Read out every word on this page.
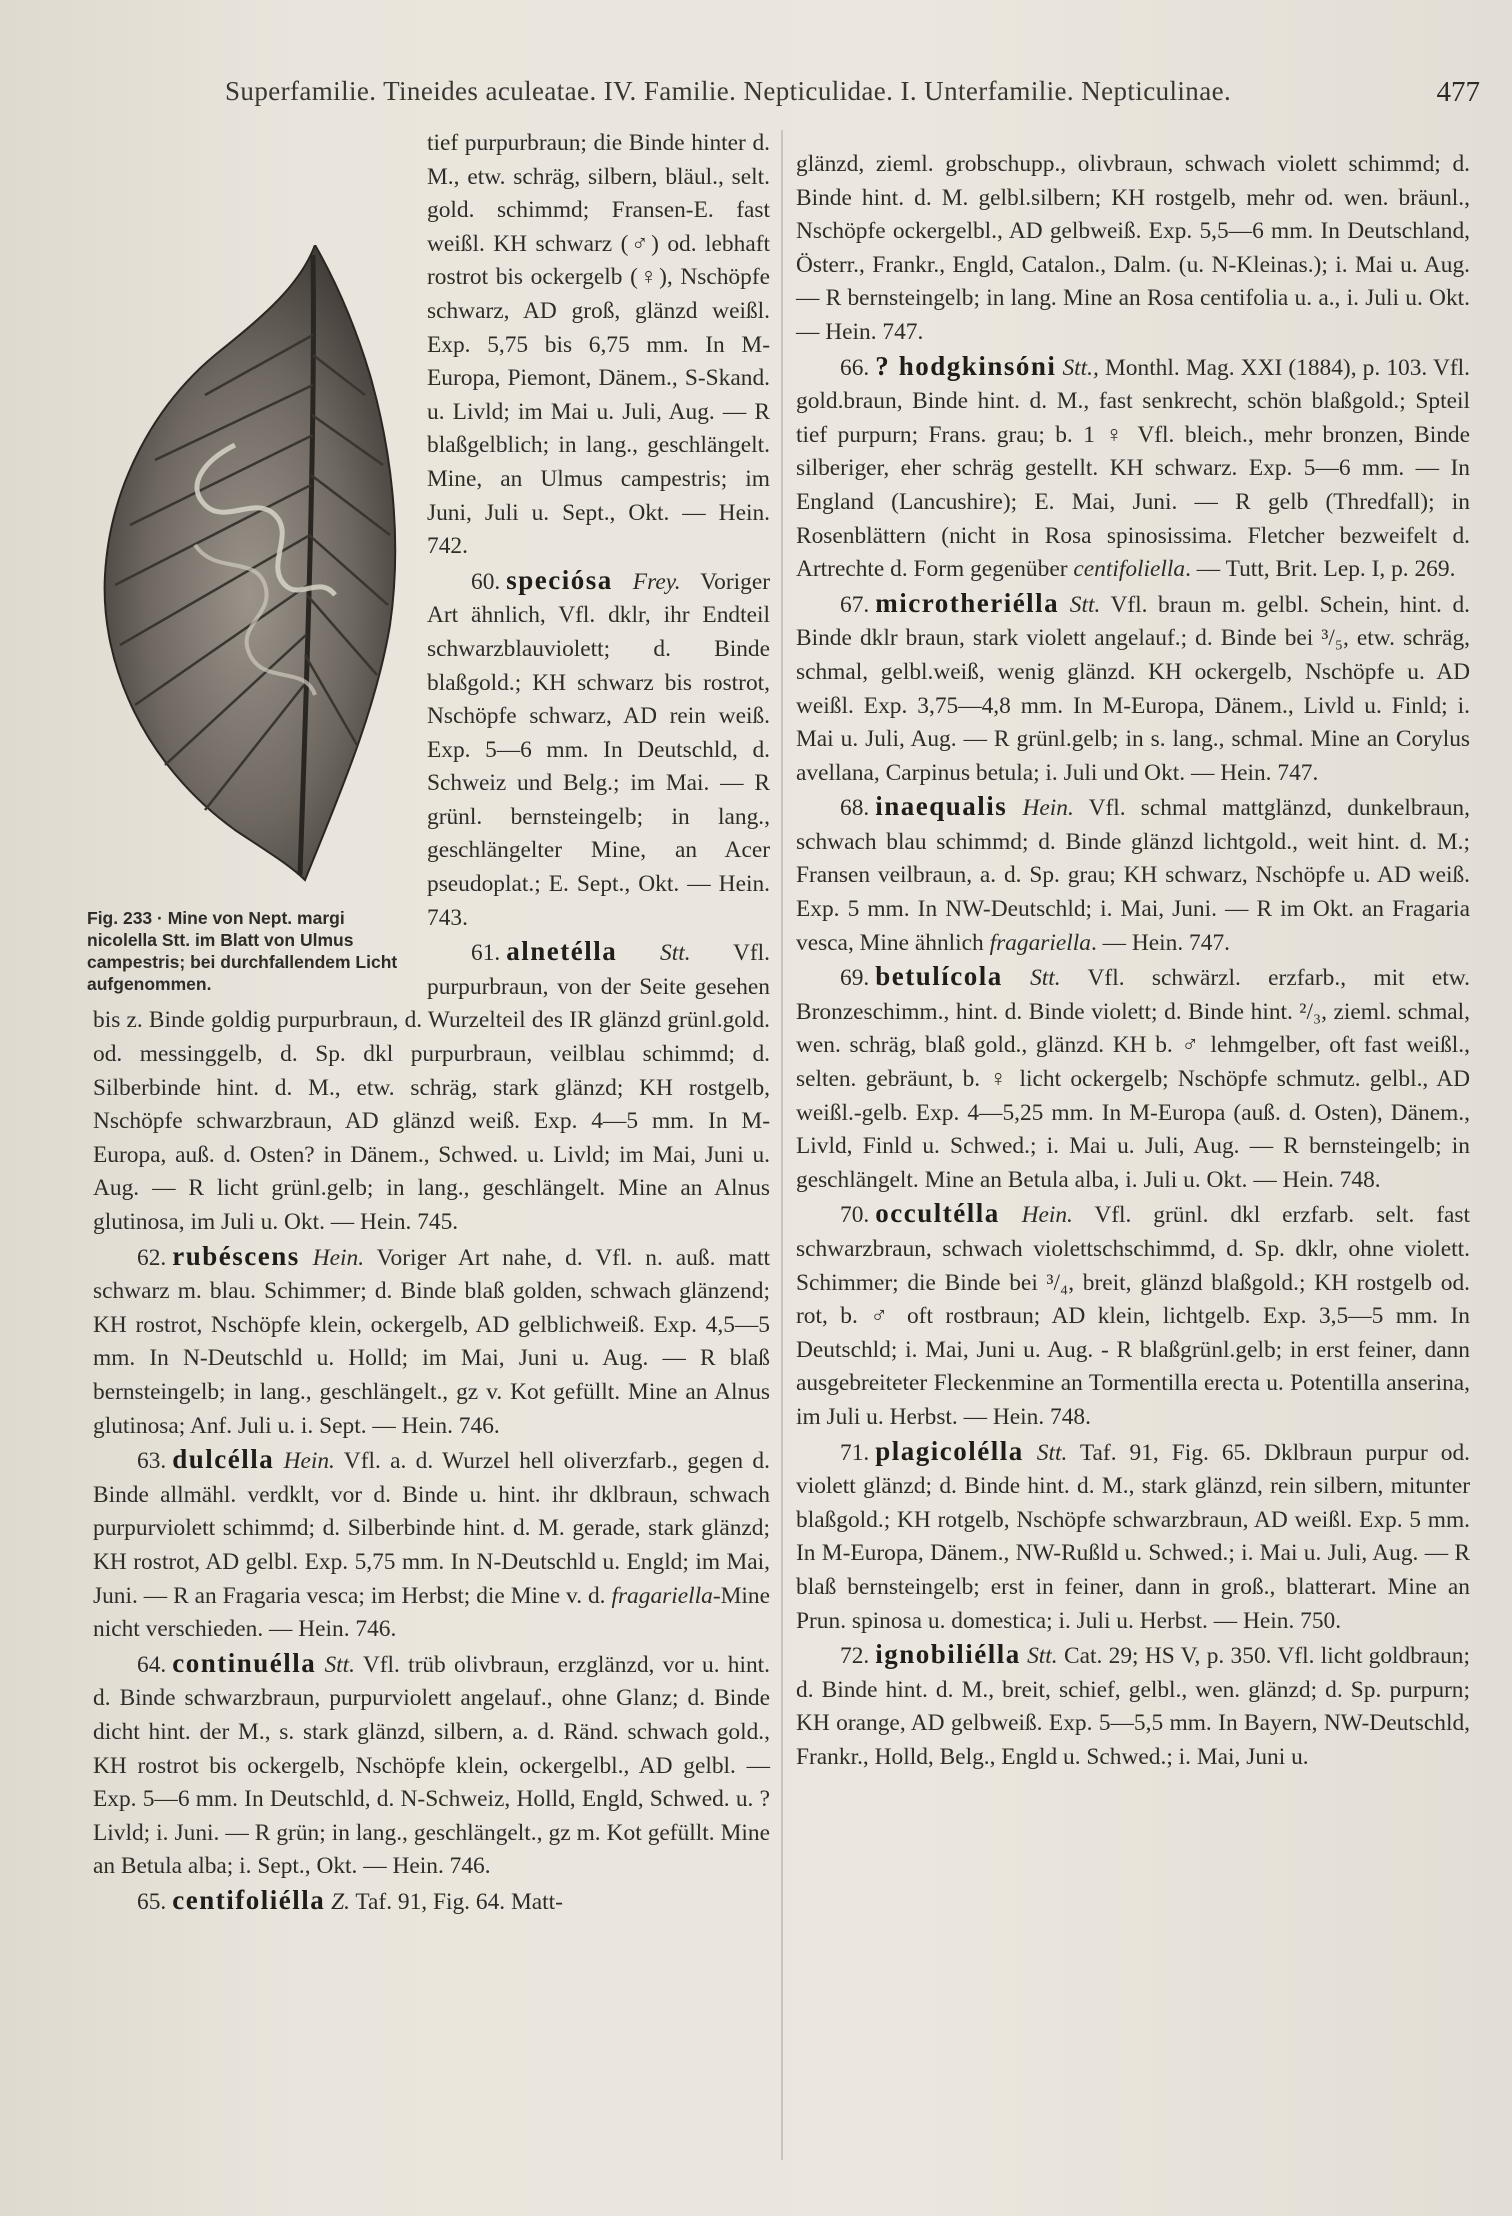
Superfamilie. Tineides aculeatae. IV. Familie. Nepticulidae. I. Unterfamilie. Nepticulinae.	477
Fig. 233 · Mine von Nept. margi nicolella Stt. im Blatt von Ulmus campestris; bei durchfallendem Licht aufgenommen.

tief purpurbraun; die Binde hinter d. M., etw. schräg, silbern, bläul., selt. gold. schimmd; Fransen-E. fast weißl. KH schwarz (♂) od. lebhaft rostrot bis ockergelb (♀), Nschöpfe schwarz, AD groß, glänzd weißl. Exp. 5,75 bis 6,75 mm. In M-Europa, Piemont, Dänem., S-Skand. u. Livld; im Mai u. Juli, Aug. — R blaßgelblich; in lang., geschlängelt. Mine, an Ulmus campestris; im Juni, Juli u. Sept., Okt. — Hein. 742.

60. speciósa Frey. Voriger Art ähnlich, Vfl. dklr, ihr Endteil schwarzblauviolett; d. Binde blaßgold.; KH schwarz bis rostrot, Nschöpfe schwarz, AD rein weiß. Exp. 5—6 mm. In Deutschld, d. Schweiz und Belg.; im Mai. — R grünl. bernsteingelb; in lang., geschlängelter Mine, an Acer pseudoplat.; E. Sept., Okt. — Hein. 743.

61. alnetélla Stt. Vfl. purpurbraun, von der Seite gesehen bis z. Binde goldig purpurbraun, d. Wurzelteil des IR glänzd grünl.gold. od. messinggelb, d. Sp. dkl purpurbraun, veilblau schimmd; d. Silberbinde hint. d. M., etw. schräg, stark glänzd; KH rostgelb, Nschöpfe schwarzbraun, AD glänzd weiß. Exp. 4—5 mm. In M-Europa, auß. d. Osten? in Dänem., Schwed. u. Livld; im Mai, Juni u. Aug. — R licht grünl.gelb; in lang., geschlängelt. Mine an Alnus glutinosa, im Juli u. Okt. — Hein. 745.

62. rubéscens Hein. Voriger Art nahe, d. Vfl. n. auß. matt schwarz m. blau. Schimmer; d. Binde blaß golden, schwach glänzend; KH rostrot, Nschöpfe klein, ockergelb, AD gelblichweiß. Exp. 4,5—5 mm. In N-Deutschld u. Holld; im Mai, Juni u. Aug. — R blaß bernsteingelb; in lang., geschlängelt., gz v. Kot gefüllt. Mine an Alnus glutinosa; Anf. Juli u. i. Sept. — Hein. 746.

63. dulcélla Hein. Vfl. a. d. Wurzel hell oliverzfarb., gegen d. Binde allmähl. verdklt, vor d. Binde u. hint. ihr dklbraun, schwach purpurviolett schimmd; d. Silberbinde hint. d. M. gerade, stark glänzd; KH rostrot, AD gelbl. Exp. 5,75 mm. In N-Deutschld u. Engld; im Mai, Juni. — R an Fragaria vesca; im Herbst; die Mine v. d. fragariella-Mine nicht verschieden. — Hein. 746.

64. continuélla Stt. Vfl. trüb olivbraun, erzglänzd, vor u. hint. d. Binde schwarzbraun, purpurviolett angelauf., ohne Glanz; d. Binde dicht hint. der M., s. stark glänzd, silbern, a. d. Ränd. schwach gold., KH rostrot bis ockergelb, Nschöpfe klein, ockergelbl., AD gelbl. — Exp. 5—6 mm. In Deutschld, d. N-Schweiz, Holld, Engld, Schwed. u. ? Livld; i. Juni. — R grün; in lang., geschlängelt., gz m. Kot gefüllt. Mine an Betula alba; i. Sept., Okt. — Hein. 746.

65. centifoliélla Z. Taf. 91, Fig. 64. Matt-

glänzd, zieml. grobschupp., olivbraun, schwach violett schimmd; d. Binde hint. d. M. gelbl.silbern; KH rostgelb, mehr od. wen. bräunl., Nschöpfe ockergelbl., AD gelbweiß. Exp. 5,5—6 mm. In Deutschland, Österr., Frankr., Engld, Catalon., Dalm. (u. N-Kleinas.); i. Mai u. Aug. — R bernsteingelb; in lang. Mine an Rosa centifolia u. a., i. Juli u. Okt. — Hein. 747.

66. ? hodgkinsóni Stt., Monthl. Mag. XXI (1884), p. 103. Vfl. gold.braun, Binde hint. d. M., fast senkrecht, schön blaßgold.; Spteil tief purpurn; Frans. grau; b. 1 ♀ Vfl. bleich., mehr bronzen, Binde silberiger, eher schräg gestellt. KH schwarz. Exp. 5—6 mm. — In England (Lancushire); E. Mai, Juni. — R gelb (Thredfall); in Rosenblättern (nicht in Rosa spinosissima. Fletcher bezweifelt d. Artrechte d. Form gegenüber centifoliella. — Tutt, Brit. Lep. I, p. 269.

67. microtheriélla Stt. Vfl. braun m. gelbl. Schein, hint. d. Binde dklr braun, stark violett angelauf.; d. Binde bei ³/₅, etw. schräg, schmal, gelbl.weiß, wenig glänzd. KH ockergelb, Nschöpfe u. AD weißl. Exp. 3,75—4,8 mm. In M-Europa, Dänem., Livld u. Finld; i. Mai u. Juli, Aug. — R grünl.gelb; in s. lang., schmal. Mine an Corylus avellana, Carpinus betula; i. Juli und Okt. — Hein. 747.

68. inaequalis Hein. Vfl. schmal mattglänzd, dunkelbraun, schwach blau schimmd; d. Binde glänzd lichtgold., weit hint. d. M.; Fransen veilbraun, a. d. Sp. grau; KH schwarz, Nschöpfe u. AD weiß. Exp. 5 mm. In NW-Deutschld; i. Mai, Juni. — R im Okt. an Fragaria vesca, Mine ähnlich fragariella. — Hein. 747.

69. betulícola Stt. Vfl. schwärzl. erzfarb., mit etw. Bronzeschimm., hint. d. Binde violett; d. Binde hint. ²/₃, zieml. schmal, wen. schräg, blaß gold., glänzd. KH b. ♂ lehmgelber, oft fast weißl., selten. gebräunt, b. ♀ licht ockergelb; Nschöpfe schmutz. gelbl., AD weißl.-gelb. Exp. 4—5,25 mm. In M-Europa (auß. d. Osten), Dänem., Livld, Finld u. Schwed.; i. Mai u. Juli, Aug. — R bernsteingelb; in geschlängelt. Mine an Betula alba, i. Juli u. Okt. — Hein. 748.

70. occultélla Hein. Vfl. grünl. dkl erzfarb. selt. fast schwarzbraun, schwach violettschschimmd, d. Sp. dklr, ohne violett. Schimmer; die Binde bei ³/₄, breit, glänzd blaßgold.; KH rostgelb od. rot, b. ♂ oft rostbraun; AD klein, lichtgelb. Exp. 3,5—5 mm. In Deutschld; i. Mai, Juni u. Aug. - R blaßgrünl.gelb; in erst feiner, dann ausgebreiteter Fleckenmine an Tormentilla erecta u. Potentilla anserina, im Juli u. Herbst. — Hein. 748.

71. plagicolélla Stt. Taf. 91, Fig. 65. Dklbraun purpur od. violett glänzd; d. Binde hint. d. M., stark glänzd, rein silbern, mitunter blaßgold.; KH rotgelb, Nschöpfe schwarzbraun, AD weißl. Exp. 5 mm. In M-Europa, Dänem., NW-Rußld u. Schwed.; i. Mai u. Juli, Aug. — R blaß bernsteingelb; erst in feiner, dann in groß., blatterart. Mine an Prun. spinosa u. domestica; i. Juli u. Herbst. — Hein. 750.

72. ignobiliélla Stt. Cat. 29; HS V, p. 350. Vfl. licht goldbraun; d. Binde hint. d. M., breit, schief, gelbl., wen. glänzd; d. Sp. purpurn; KH orange, AD gelbweiß. Exp. 5—5,5 mm. In Bayern, NW-Deutschld, Frankr., Holld, Belg., Engld u. Schwed.; i. Mai, Juni u.
